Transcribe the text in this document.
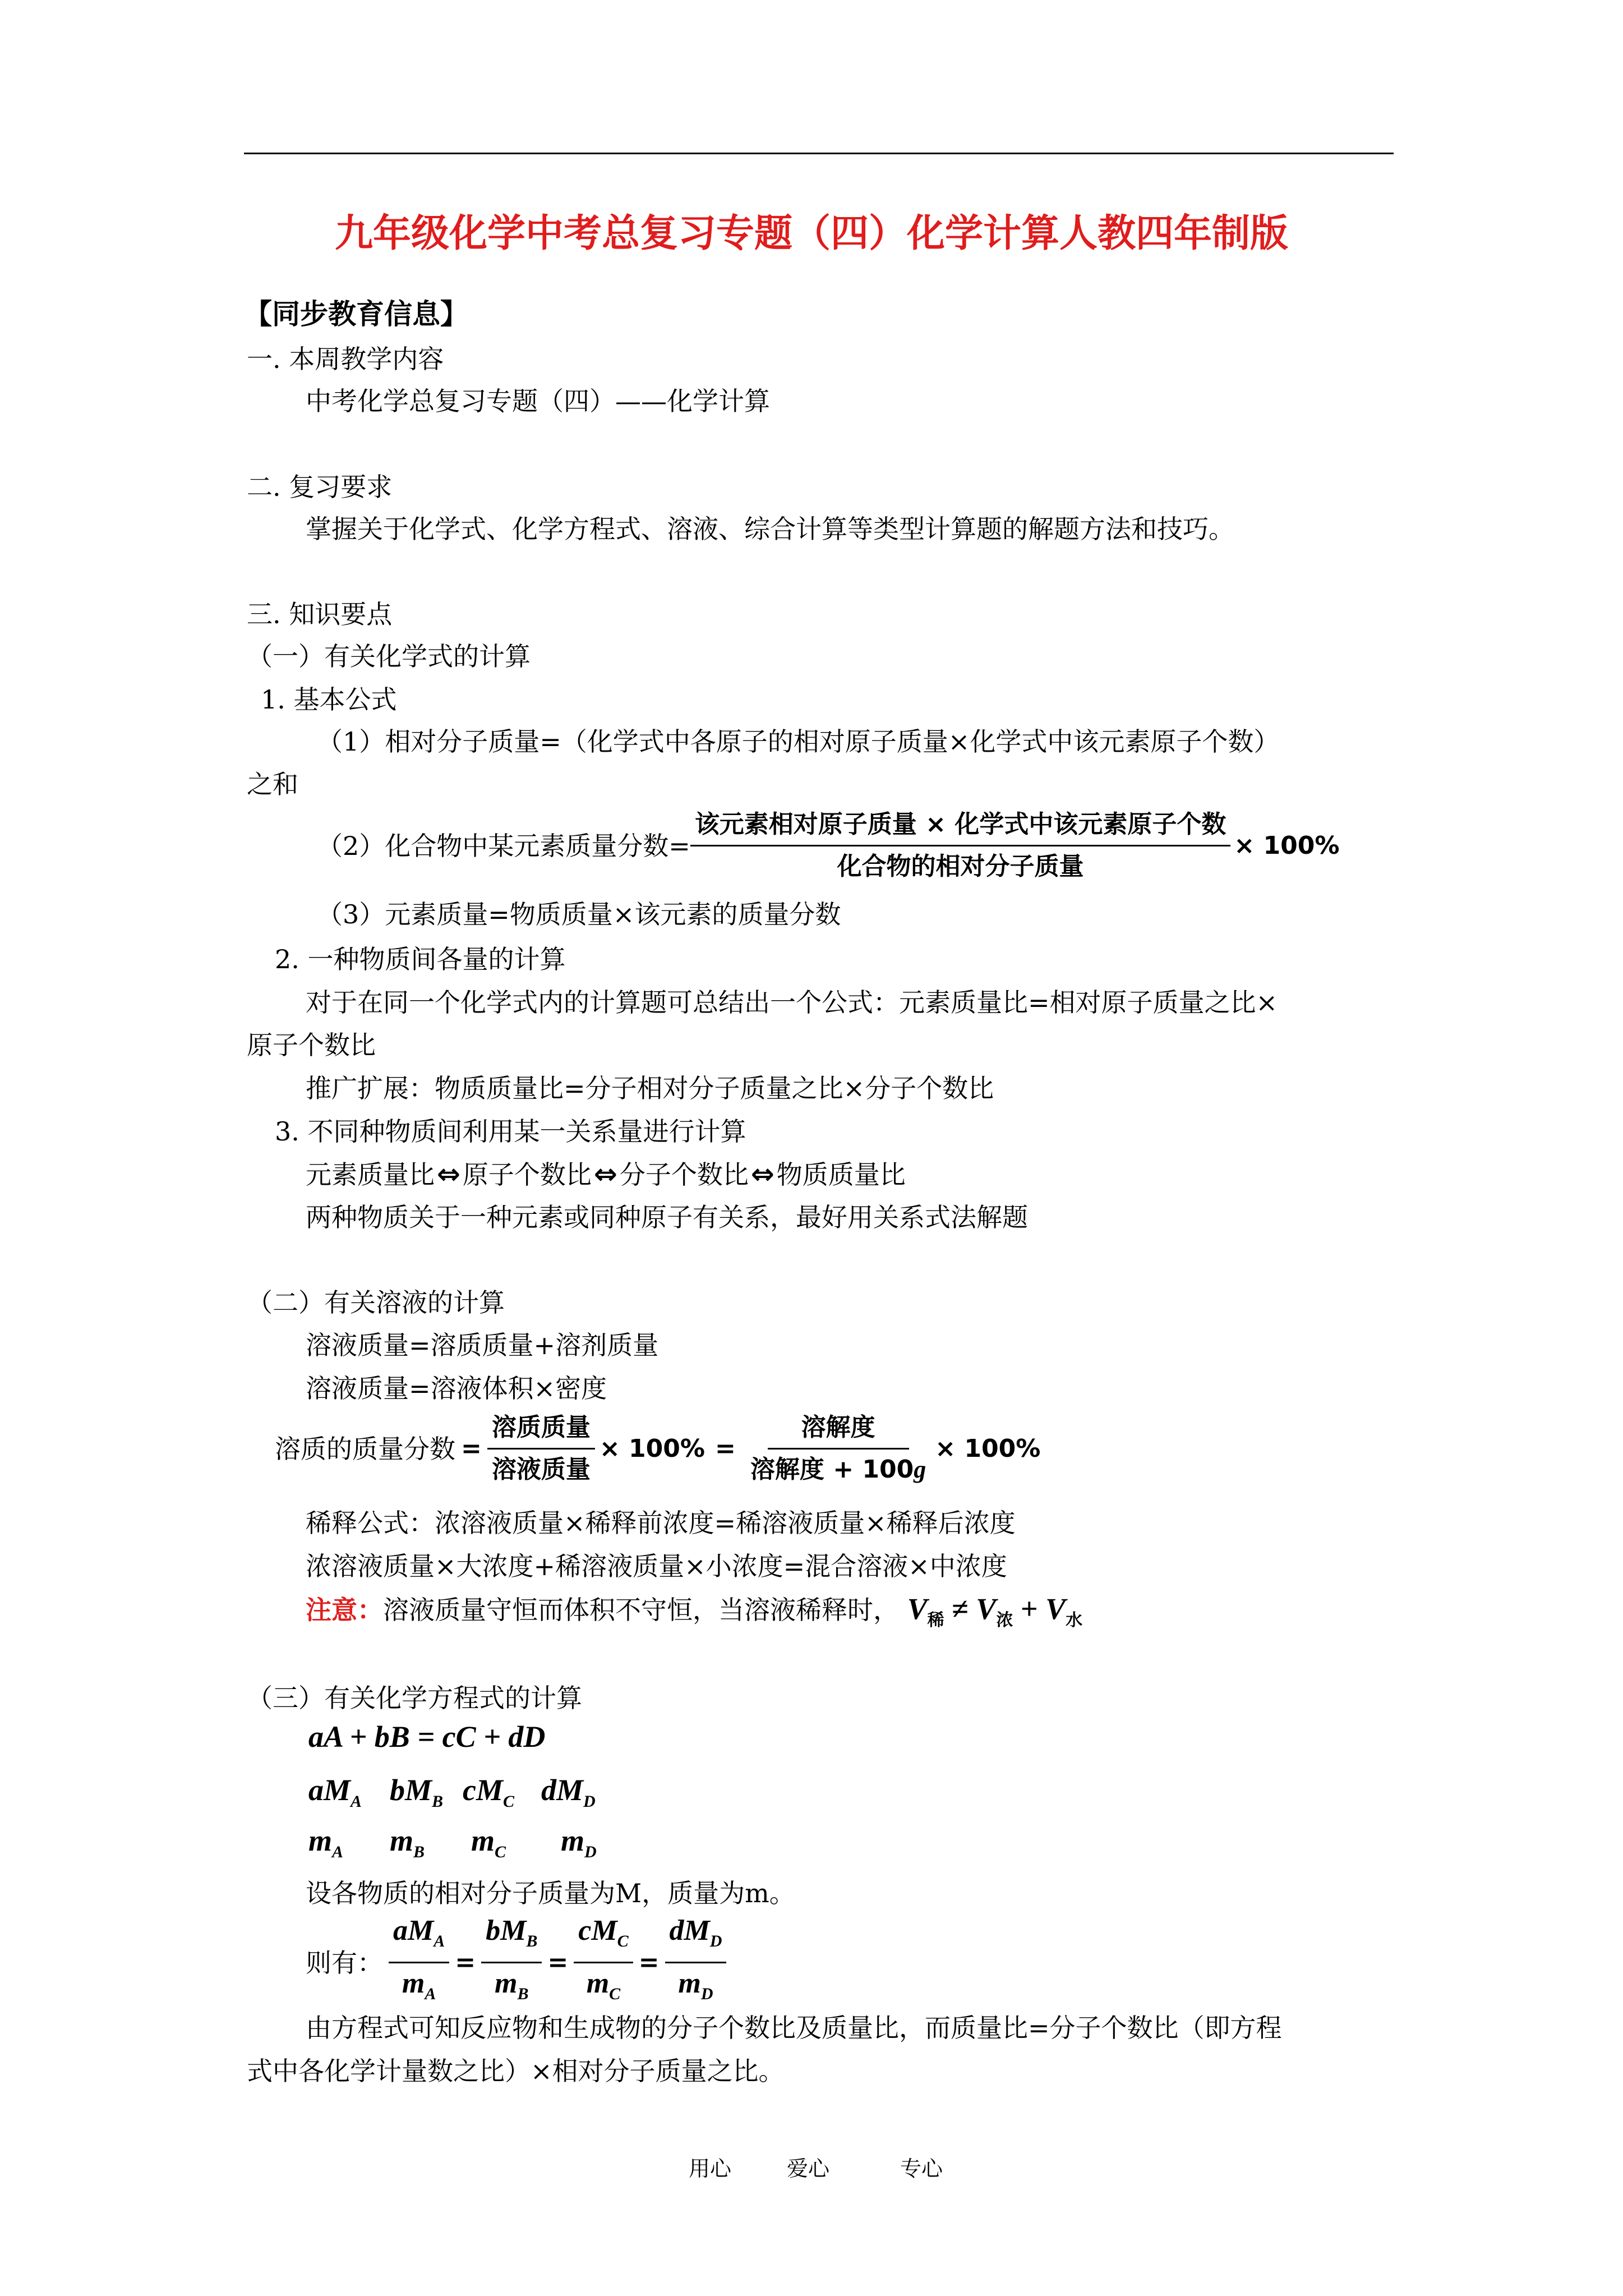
九年级化学中考总复习专题（四）化学计算人教四年制版
【同步教育信息】
一. 本周教学内容
中考化学总复习专题（四）——化学计算
二. 复习要求
掌握关于化学式、化学方程式、溶液、综合计算等类型计算题的解题方法和技巧。
三. 知识要点
（一）有关化学式的计算
1. 基本公式
（1）相对分子质量=（化学式中各原子的相对原子质量×化学式中该元素原子个数）
之和
（2）化合物中某元素质量分数= $\frac{\text{该元素相对原子质量 × 化学式中该元素原子个数}}{\text{化合物的相对分子质量}} \times 100\%$
（3）元素质量=物质质量×该元素的质量分数
2. 一种物质间各量的计算
对于在同一个化学式内的计算题可总结出一个公式：元素质量比=相对原子质量之比×
原子个数比
推广扩展：物质质量比=分子相对分子质量之比×分子个数比
3. 不同种物质间利用某一关系量进行计算
元素质量比⇔原子个数比⇔分子个数比⇔物质质量比
两种物质关于一种元素或同种原子有关系，最好用关系式法解题
（二）有关溶液的计算
溶液质量=溶质质量+溶剂质量
溶液质量=溶液体积×密度
溶质的质量分数 = $\frac{\text{溶质质量}}{\text{溶液质量}} \times 100\% = \frac{\text{溶解度}}{\text{溶解度 + 100g}} \times 100\%$
稀释公式：浓溶液质量×稀释前浓度=稀溶液质量×稀释后浓度
浓溶液质量×大浓度+稀溶液质量×小浓度=混合溶液×中浓度
注意：溶液质量守恒而体积不守恒，当溶液稀释时， $V_稀 \ne V_浓 + V_水$
（三）有关化学方程式的计算
aA + bB = cC + dD
$aM_A$ $bM_B$ $cM_C$ $dM_D$
$m_A$ $m_B$ $m_C$ $m_D$
设各物质的相对分子质量为M，质量为m。
则有： $\frac{aM_A}{m_A} = \frac{bM_B}{m_B} = \frac{cM_C}{m_C} = \frac{dM_D}{m_D}$
由方程式可知反应物和生成物的分子个数比及质量比，而质量比=分子个数比（即方程
式中各化学计量数之比）×相对分子质量之比。
用心	爱心	专心
